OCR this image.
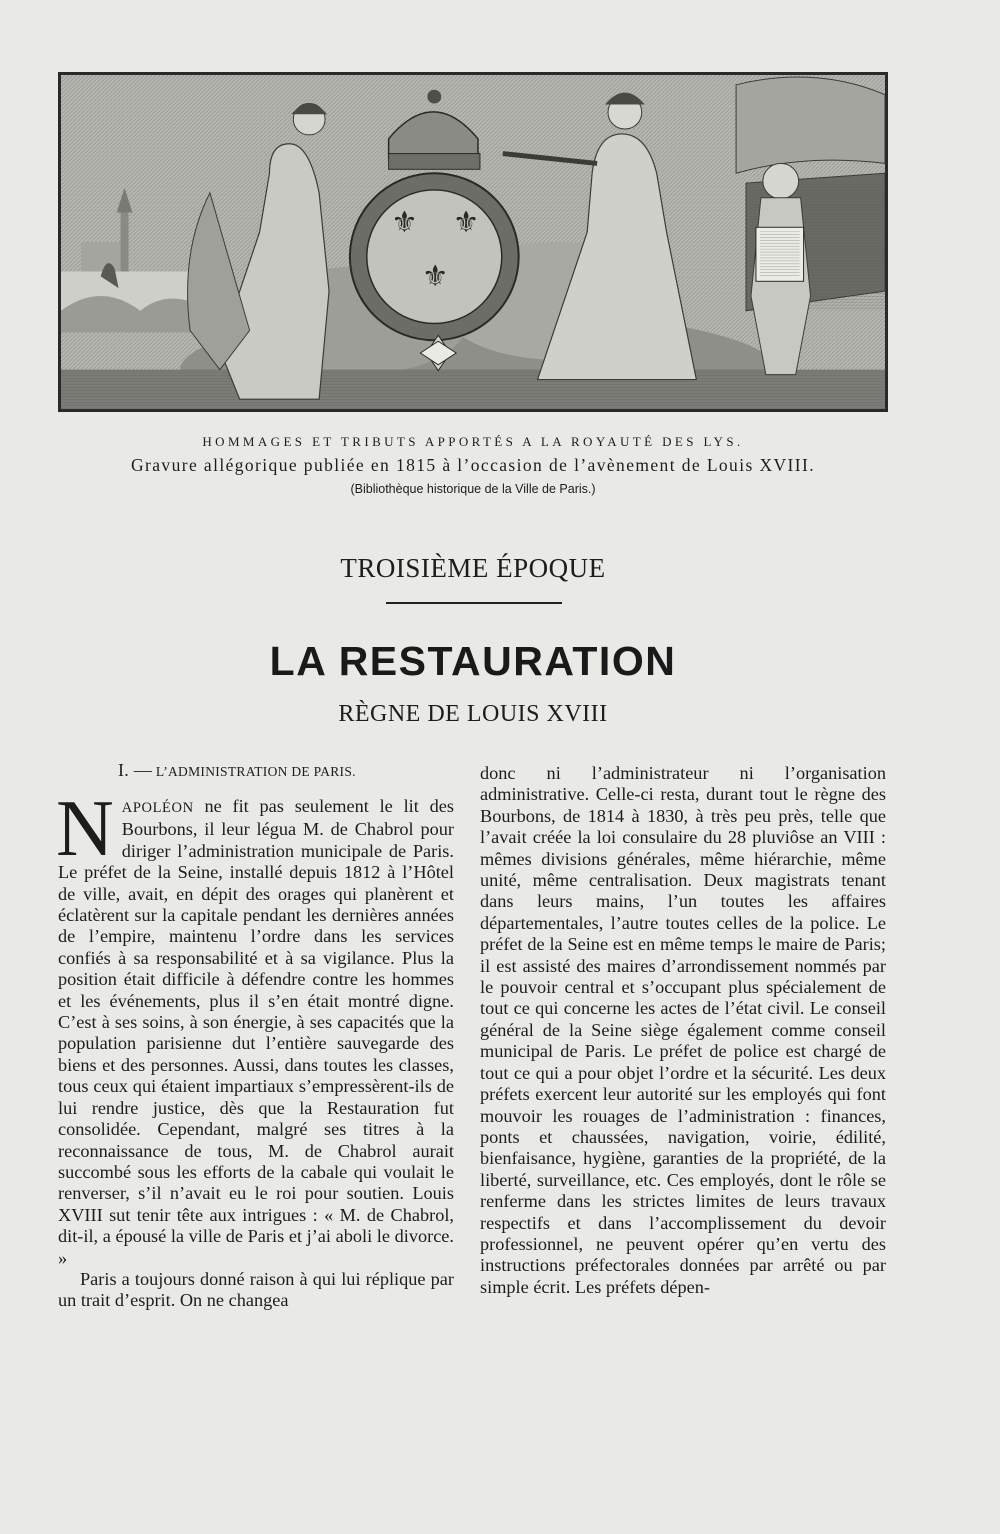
⚜ ⚜
⚜
HOMMAGES ET TRIBUTS APPORTÉS A LA ROYAUTÉ DES LYS.
Gravure allégorique publiée en 1815 à l’occasion de l’avènement de Louis XVIII.
(Bibliothèque historique de la Ville de Paris.)
TROISIÈME ÉPOQUE
LA RESTAURATION
RÈGNE DE LOUIS XVIII
I. — L’ADMINISTRATION DE PARIS.

NAPOLÉON ne fit pas seulement le lit des Bourbons, il leur légua M. de Chabrol pour diriger l’administration municipale de Paris. Le préfet de la Seine, installé depuis 1812 à l’Hôtel de ville, avait, en dépit des orages qui planèrent et éclatèrent sur la capitale pendant les dernières années de l’empire, maintenu l’ordre dans les services confiés à sa responsabilité et à sa vigilance. Plus la position était difficile à défendre contre les hommes et les événements, plus il s’en était montré digne. C’est à ses soins, à son énergie, à ses capacités que la population parisienne dut l’entière sauvegarde des biens et des personnes. Aussi, dans toutes les classes, tous ceux qui étaient impartiaux s’empressèrent-ils de lui rendre justice, dès que la Restauration fut consolidée. Cependant, malgré ses titres à la reconnaissance de tous, M. de Chabrol aurait succombé sous les efforts de la cabale qui voulait le renverser, s’il n’avait eu le roi pour soutien. Louis XVIII sut tenir tête aux intrigues : « M. de Chabrol, dit-il, a épousé la ville de Paris et j’ai aboli le divorce. »

Paris a toujours donné raison à qui lui réplique par un trait d’esprit. On ne changea

donc ni l’administrateur ni l’organisation administrative. Celle-ci resta, durant tout le règne des Bourbons, de 1814 à 1830, à très peu près, telle que l’avait créée la loi consulaire du 28 pluviôse an VIII : mêmes divisions générales, même hiérarchie, même unité, même centralisation. Deux magistrats tenant dans leurs mains, l’un toutes les affaires départementales, l’autre toutes celles de la police. Le préfet de la Seine est en même temps le maire de Paris; il est assisté des maires d’arrondissement nommés par le pouvoir central et s’occupant plus spécialement de tout ce qui concerne les actes de l’état civil. Le conseil général de la Seine siège également comme conseil municipal de Paris. Le préfet de police est chargé de tout ce qui a pour objet l’ordre et la sécurité. Les deux préfets exercent leur autorité sur les employés qui font mouvoir les rouages de l’administration : finances, ponts et chaussées, navigation, voirie, édilité, bienfaisance, hygiène, garanties de la propriété, de la liberté, surveillance, etc. Ces employés, dont le rôle se renferme dans les strictes limites de leurs travaux respectifs et dans l’accomplissement du devoir professionnel, ne peuvent opérer qu’en vertu des instructions préfectorales données par arrêté ou par simple écrit. Les préfets dépen-
